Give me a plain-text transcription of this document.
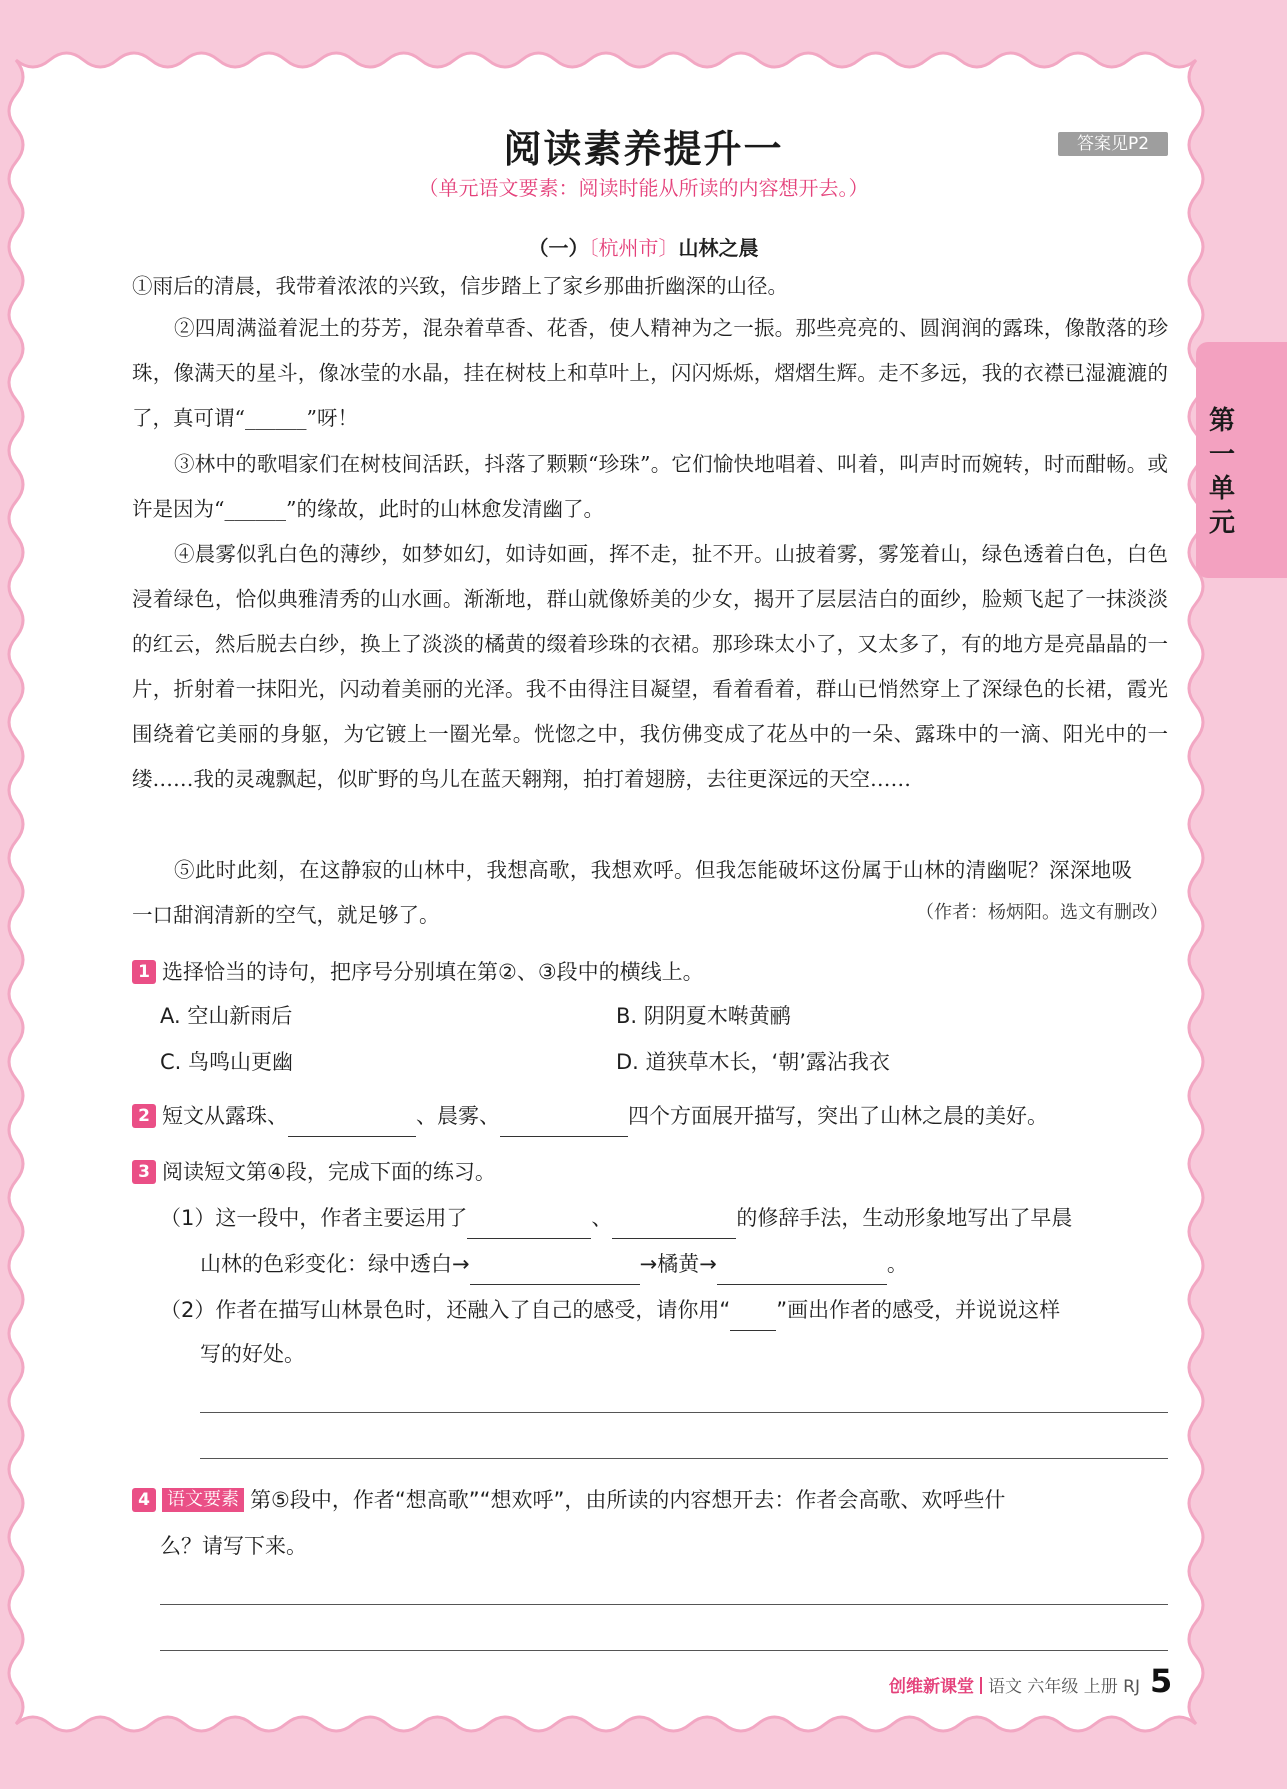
阅读素养提升一	答案见P2
（单元语文要素：阅读时能从所读的内容想开去。）
（一）〔杭州市〕山林之晨

①雨后的清晨，我带着浓浓的兴致，信步踏上了家乡那曲折幽深的山径。

②四周满溢着泥土的芬芳，混杂着草香、花香，使人精神为之一振。那些亮亮的、圆润润的露珠，像散落的珍珠，像满天的星斗，像冰莹的水晶，挂在树枝上和草叶上，闪闪烁烁，熠熠生辉。走不多远，我的衣襟已湿漉漉的了，真可谓“______”呀！

③林中的歌唱家们在树枝间活跃，抖落了颗颗“珍珠”。它们愉快地唱着、叫着，叫声时而婉转，时而酣畅。或许是因为“______”的缘故，此时的山林愈发清幽了。

④晨雾似乳白色的薄纱，如梦如幻，如诗如画，挥不走，扯不开。山披着雾，雾笼着山，绿色透着白色，白色浸着绿色，恰似典雅清秀的山水画。渐渐地，群山就像娇美的少女，揭开了层层洁白的面纱，脸颊飞起了一抹淡淡的红云，然后脱去白纱，换上了淡淡的橘黄的缀着珍珠的衣裙。那珍珠太小了，又太多了，有的地方是亮晶晶的一片，折射着一抹阳光，闪动着美丽的光泽。我不由得注目凝望，看着看着，群山已悄然穿上了深绿色的长裙，霞光围绕着它美丽的身躯，为它镀上一圈光晕。恍惚之中，我仿佛变成了花丛中的一朵、露珠中的一滴、阳光中的一缕……我的灵魂飘起，似旷野的鸟儿在蓝天翱翔，拍打着翅膀，去往更深远的天空……

⑤此时此刻，在这静寂的山林中，我想高歌，我想欢呼。但我怎能破坏这份属于山林的清幽呢？深深地吸一口甜润清新的空气，就足够了。	（作者：杨炳阳。选文有删改）
1 选择恰当的诗句，把序号分别填在第②、③段中的横线上。
A. 空山新雨后	B. 阴阴夏木啭黄鹂
C. 鸟鸣山更幽	D. 道狭草木长，‘朝’露沾我衣
2 短文从露珠、	、晨雾、	四个方面展开描写，突出了山林之晨的美好。
3 阅读短文第④段，完成下面的练习。
（1）这一段中，作者主要运用了	、	的修辞手法，生动形象地写出了早晨
山林的色彩变化：绿中透白→	→橘黄→	。
（2）作者在描写山林景色时，还融入了自己的感受，请你用“ ”画出作者的感受，并说说这样
写的好处。
4 语文要素 第⑤段中，作者“想高歌”“想欢呼”，由所读的内容想开去：作者会高歌、欢呼些什
么？请写下来。
创维新课堂 语文 六年级 上册 RJ 5
第一单元
